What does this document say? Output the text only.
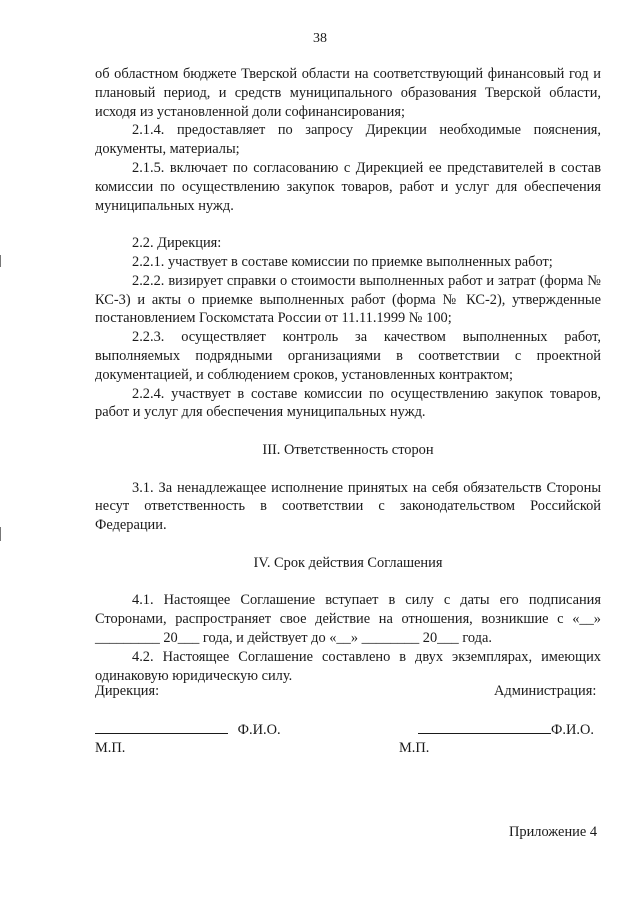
38

об областном бюджете Тверской области на соответствующий финансовый год и плановый период, и средств муниципального образования Тверской области, исходя из установленной доли софинансирования;

2.1.4. предоставляет по запросу Дирекции необходимые пояснения, документы, материалы;

2.1.5. включает по согласованию с Дирекцией ее представителей в состав комиссии по осуществлению закупок товаров, работ и услуг для обеспечения муниципальных нужд.

2.2. Дирекция:

2.2.1. участвует в составе комиссии по приемке выполненных работ;

2.2.2. визирует справки о стоимости выполненных работ и затрат (форма № КС-3) и акты о приемке выполненных работ (форма № КС-2), утвержденные постановлением Госкомстата России от 11.11.1999 № 100;

2.2.3. осуществляет контроль за качеством выполненных работ, выполняемых подрядными организациями в соответствии с проектной документацией, и соблюдением сроков, установленных контрактом;

2.2.4. участвует в составе комиссии по осуществлению закупок товаров, работ и услуг для обеспечения муниципальных нужд.

III. Ответственность сторон

3.1. За ненадлежащее исполнение принятых на себя обязательств Стороны несут ответственность в соответствии с законодательством Российской Федерации.

IV. Срок действия Соглашения

4.1. Настоящее Соглашение вступает в силу с даты его подписания Сторонами, распространяет свое действие на отношения, возникшие с «__» _________ 20___ года, и действует до «__» ________ 20___ года.

4.2. Настоящее Соглашение составлено в двух экземплярах, имеющих одинаковую юридическую силу.

Дирекция:	Администрация:
Ф.И.О.	Ф.И.О.
М.П.	М.П.
Приложение 4
